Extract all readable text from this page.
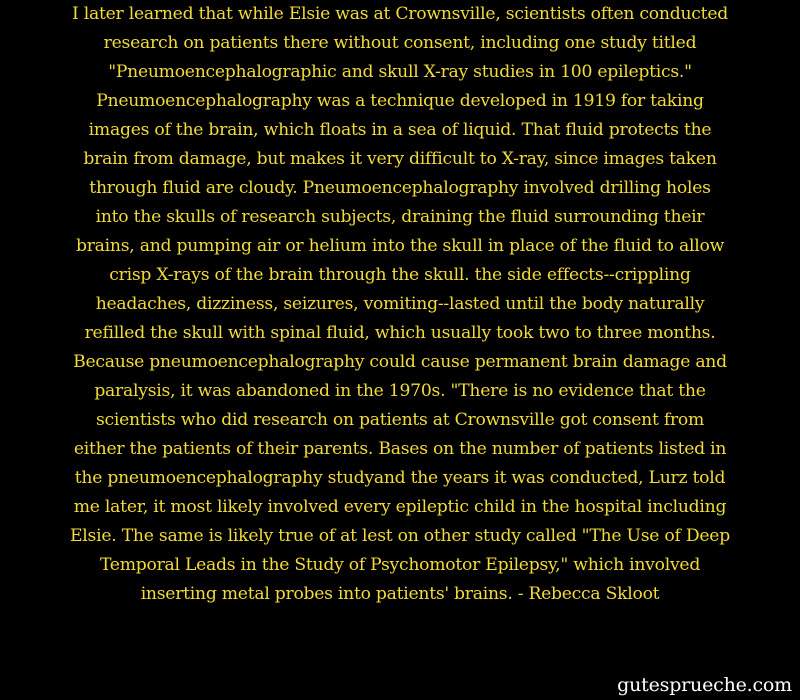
I later learned that while Elsie was at Crownsville, scientists often conducted
research on patients there without consent, including one study titled
"Pneumoencephalographic and skull X-ray studies in 100 epileptics."
Pneumoencephalography was a technique developed in 1919 for taking
images of the brain, which floats in a sea of liquid. That fluid protects the
brain from damage, but makes it very difficult to X-ray, since images taken
through fluid are cloudy. Pneumoencephalography involved drilling holes
into the skulls of research subjects, draining the fluid surrounding their
brains, and pumping air or helium into the skull in place of the fluid to allow
crisp X-rays of the brain through the skull. the side effects--crippling
headaches, dizziness, seizures, vomiting--lasted until the body naturally
refilled the skull with spinal fluid, which usually took two to three months.
Because pneumoencephalography could cause permanent brain damage and
paralysis, it was abandoned in the 1970s. "There is no evidence that the
scientists who did research on patients at Crownsville got consent from
either the patients of their parents. Bases on the number of patients listed in
the pneumoencephalography studyand the years it was conducted, Lurz told
me later, it most likely involved every epileptic child in the hospital including
Elsie. The same is likely true of at lest on other study called "The Use of Deep
Temporal Leads in the Study of Psychomotor Epilepsy," which involved
inserting metal probes into patients' brains. - Rebecca Skloot
gutesprueche.com
